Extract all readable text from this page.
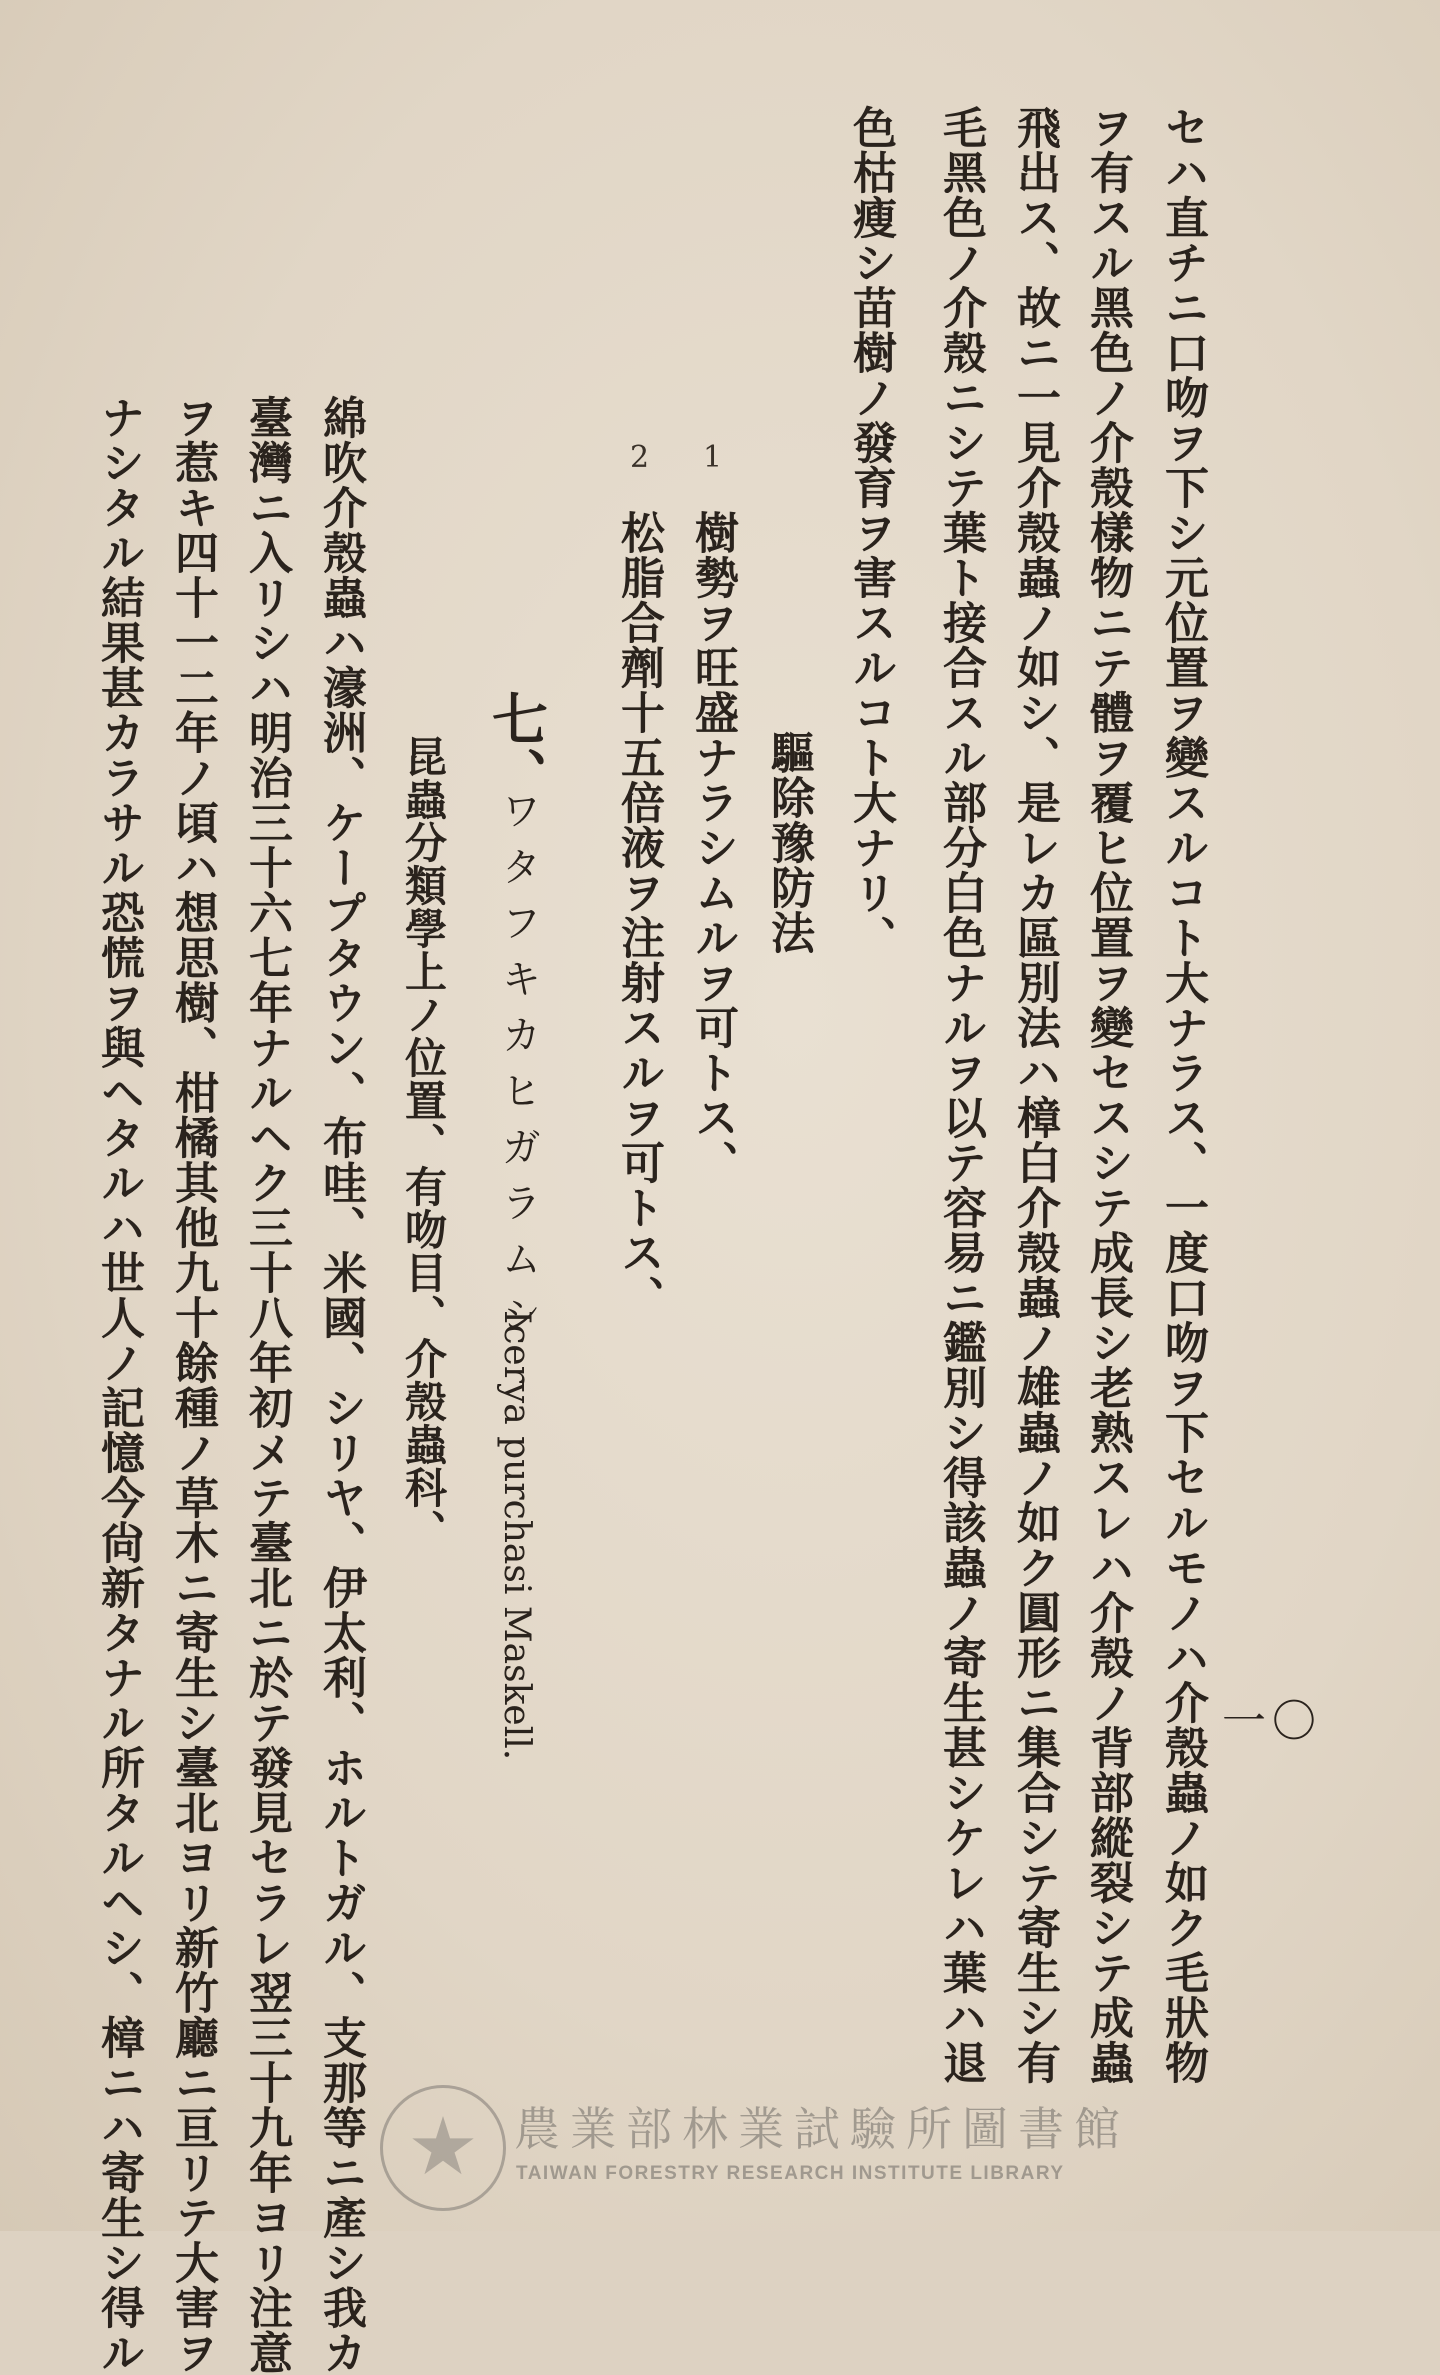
一〇
セハ直チニ口吻ヲ下シ元位置ヲ變スルコト大ナラス、一度口吻ヲ下セルモノハ介殼蟲ノ如ク毛狀物
ヲ有スル黑色ノ介殼樣物ニテ體ヲ覆ヒ位置ヲ變セスシテ成長シ老熟スレハ介殼ノ背部縱裂シテ成蟲
飛出ス、故ニ一見介殼蟲ノ如シ、是レカ區別法ハ樟白介殼蟲ノ雄蟲ノ如ク圓形ニ集合シテ寄生シ有
毛黑色ノ介殼ニシテ葉ト接合スル部分白色ナルヲ以テ容易ニ鑑別シ得該蟲ノ寄生甚シケレハ葉ハ退
色枯瘦シ苗樹ノ發育ヲ害スルコト大ナリ、
驅除豫防法
1
樹勢ヲ旺盛ナラシムルヲ可トス、
2
松脂合劑十五倍液ヲ注射スルヲ可トス、
七、
ワタフキカヒガラムシ
Icerya purchasi Maskell.
昆蟲分類學上ノ位置、有吻目、介殼蟲科、
綿吹介殼蟲ハ濠洲、ケープタウン、布哇、米國、シリヤ、伊太利、ホルトガル、支那等ニ產シ我カ
臺灣ニ入リシハ明治三十六七年ナルヘク三十八年初メテ臺北ニ於テ發見セラレ翌三十九年ヨリ注意
ヲ惹キ四十一二年ノ頃ハ想思樹、柑橘其他九十餘種ノ草木ニ寄生シ臺北ヨリ新竹廳ニ亘リテ大害ヲ
ナシタル結果甚カラサル恐慌ヲ與ヘタルハ世人ノ記憶今尙新タナル所タルヘシ、樟ニハ寄生シ得ル	農業部林業試驗所圖書館
TAIWAN FORESTRY RESEARCH INSTITUTE LIBRARY
